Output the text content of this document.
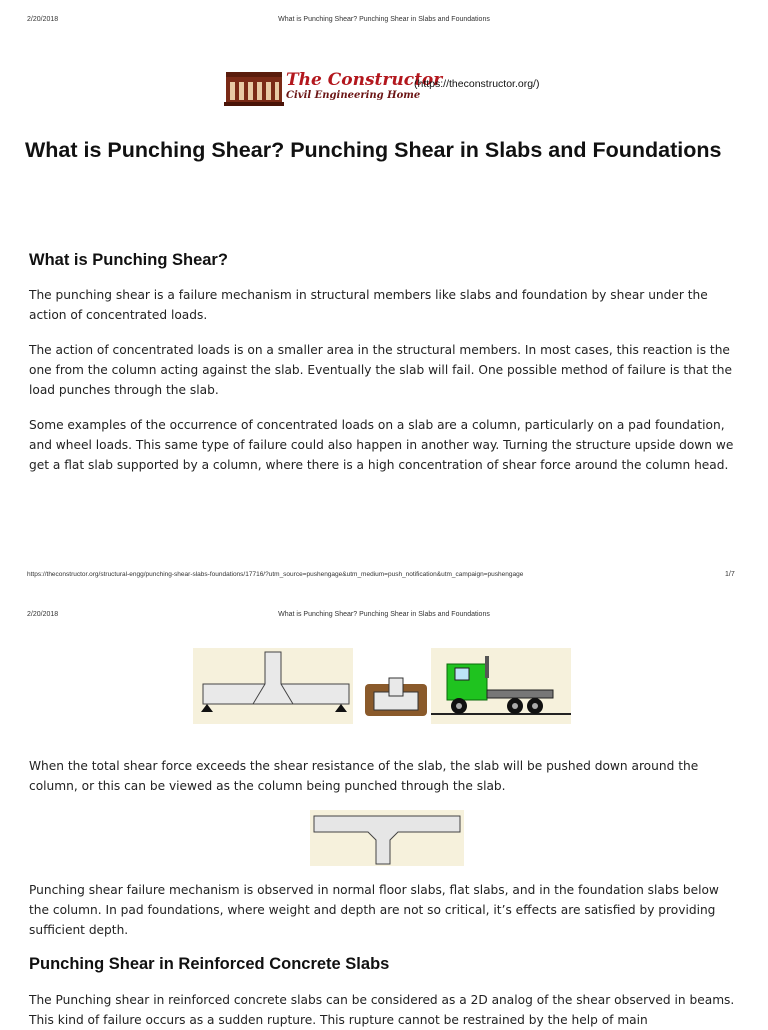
2/20/2018	What is Punching Shear? Punching Shear in Slabs and Foundations
The Constructor
Civil Engineering Home
(https://theconstructor.org/)
What is Punching Shear? Punching Shear in Slabs and Foundations
What is Punching Shear?

The punching shear is a failure mechanism in structural members like slabs and foundation by shear under the action of concentrated loads.

The action of concentrated loads is on a smaller area in the structural members. In most cases, this reaction is the one from the column acting against the slab. Eventually the slab will fail. One possible method of failure is that the load punches through the slab.

Some examples of the occurrence of concentrated loads on a slab are a column, particularly on a pad foundation, and wheel loads. This same type of failure could also happen in another way. Turning the structure upside down we get a flat slab supported by a column, where there is a high concentration of shear force around the column head.

https://theconstructor.org/structural-engg/punching-shear-slabs-foundations/17716/?utm_source=pushengage&utm_medium=push_notification&utm_campaign=pushengage	1/7
2/20/2018	What is Punching Shear? Punching Shear in Slabs and Foundations

When the total shear force exceeds the shear resistance of the slab, the slab will be pushed down around the column, or this can be viewed as the column being punched through the slab.

Punching shear failure mechanism is observed in normal floor slabs, flat slabs, and in the foundation slabs below the column. In pad foundations, where weight and depth are not so critical, it’s effects are satisfied by providing sufficient depth.

Punching Shear in Reinforced Concrete Slabs

The Punching shear in reinforced concrete slabs can be considered as a 2D analog of the shear observed in beams. This kind of failure occurs as a sudden rupture. This rupture cannot be restrained by the help of main
